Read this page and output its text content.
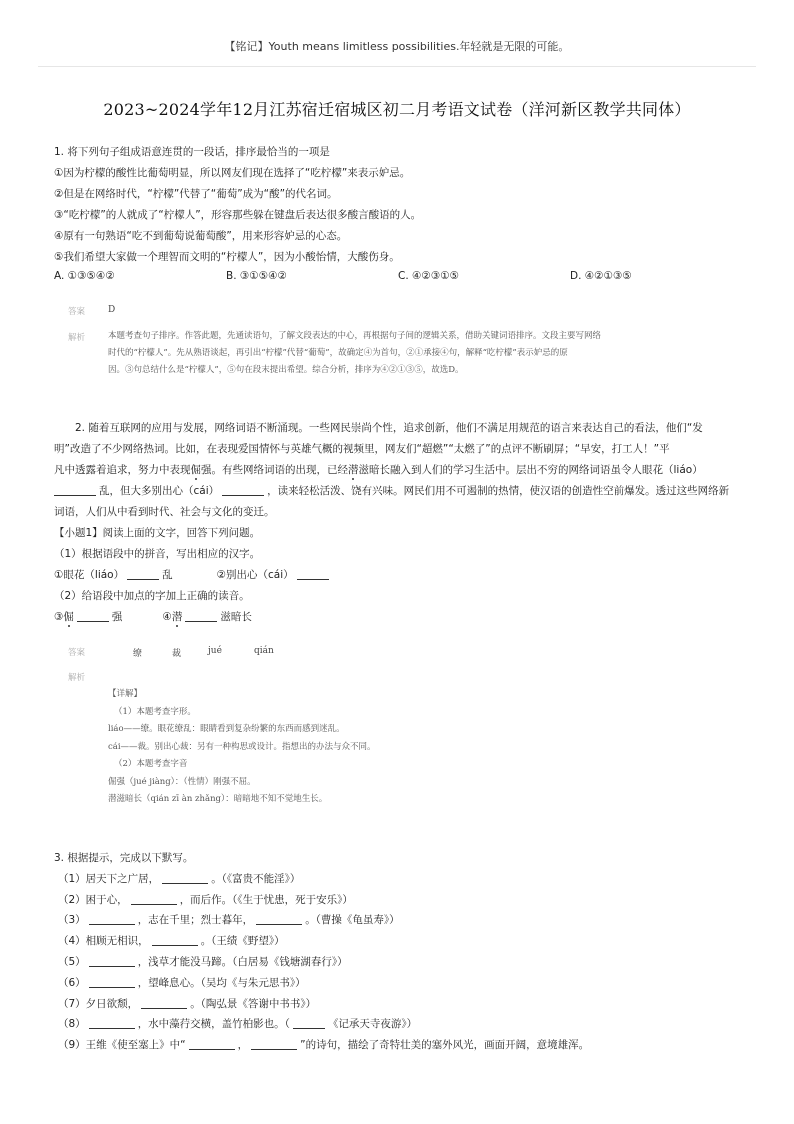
【铭记】Youth means limitless possibilities.年轻就是无限的可能。
2023~2024学年12月江苏宿迁宿城区初二月考语文试卷（洋河新区教学共同体）
1. 将下列句子组成语意连贯的一段话，排序最恰当的一项是
①因为柠檬的酸性比葡萄明显，所以网友们现在选择了“吃柠檬”来表示妒忌。
②但是在网络时代，“柠檬”代替了“葡萄”成为“酸”的代名词。
③“吃柠檬”的人就成了“柠檬人”，形容那些躲在键盘后表达很多酸言酸语的人。
④原有一句熟语“吃不到葡萄说葡萄酸”，用来形容妒忌的心态。
⑤我们希望大家做一个理智而文明的“柠檬人”，因为小酸怡情，大酸伤身。
A. ①③⑤④②	B. ③①⑤④②	C. ④②③①⑤	D. ④②①③⑤
答案	D
解析	本题考查句子排序。作答此题，先通读语句，了解文段表达的中心，再根据句子间的逻辑关系，借助关键词语排序。文段主要写网络
时代的“柠檬人”。先从熟语谈起，再引出“柠檬”代替“葡萄”，故确定④为首句，②①承接④句，解释“吃柠檬”表示妒忌的原
因。③句总结什么是“柠檬人”，⑤句在段末提出希望。综合分析，排序为④②①③⑤，故选D。
2. 随着互联网的应用与发展，网络词语不断涌现。一些网民崇尚个性，追求创新，他们不满足用规范的语言来表达自己的看法，他们“发
明”改造了不少网络热词。比如，在表现爱国情怀与英雄气概的视频里，网友们“超燃”“太燃了”的点评不断刷屏；“早安，打工人！”平
凡中透露着追求，努力中表现倔强。有些网络词语的出现，已经潜滋暗长融入到人们的学习生活中。层出不穷的网络词语虽令人眼花（liáo）
乱，但大多别出心（cái）	，读来轻松活泼、饶有兴味。网民们用不可遏制的热情，使汉语的创造性空前爆发。透过这些网络新
词语，人们从中看到时代、社会与文化的变迁。
【小题1】阅读上面的文字，回答下列问题。
（1）根据语段中的拼音，写出相应的汉字。
①眼花（liáo）	乱	②别出心（cái）
（2）给语段中加点的字加上正确的读音。
③倔	强	④潜	滋暗长
答案	缭	裁	jué	qián
解析
【详解】
（1）本题考查字形。
liáo——缭。眼花缭乱：眼睛看到复杂纷繁的东西而感到迷乱。
cái——裁。别出心裁：另有一种构思或设计。指想出的办法与众不同。
（2）本题考查字音
倔强（jué jiàng）：（性情）刚强不屈。
潜滋暗长（qián zī àn zhǎng）：暗暗地不知不觉地生长。
3. 根据提示，完成以下默写。
（1）居天下之广居，	。（《富贵不能淫》）
（2）困于心，	，而后作。（《生于忧患，死于安乐》）
（3）	，志在千里；烈士暮年，	。（曹操《龟虽寿》）
（4）相顾无相识，	。（王绩《野望》）
（5）	，浅草才能没马蹄。（白居易《钱塘湖春行》）
（6）	，望峰息心。（吴均《与朱元思书》）
（7）夕日欲颓，	。（陶弘景《答谢中书书》）
（8）	，水中藻荇交横，盖竹柏影也。（	《记承天寺夜游》）
（9）王维《使至塞上》中“	，	”的诗句，描绘了奇特壮美的塞外风光，画面开阔，意境雄浑。
